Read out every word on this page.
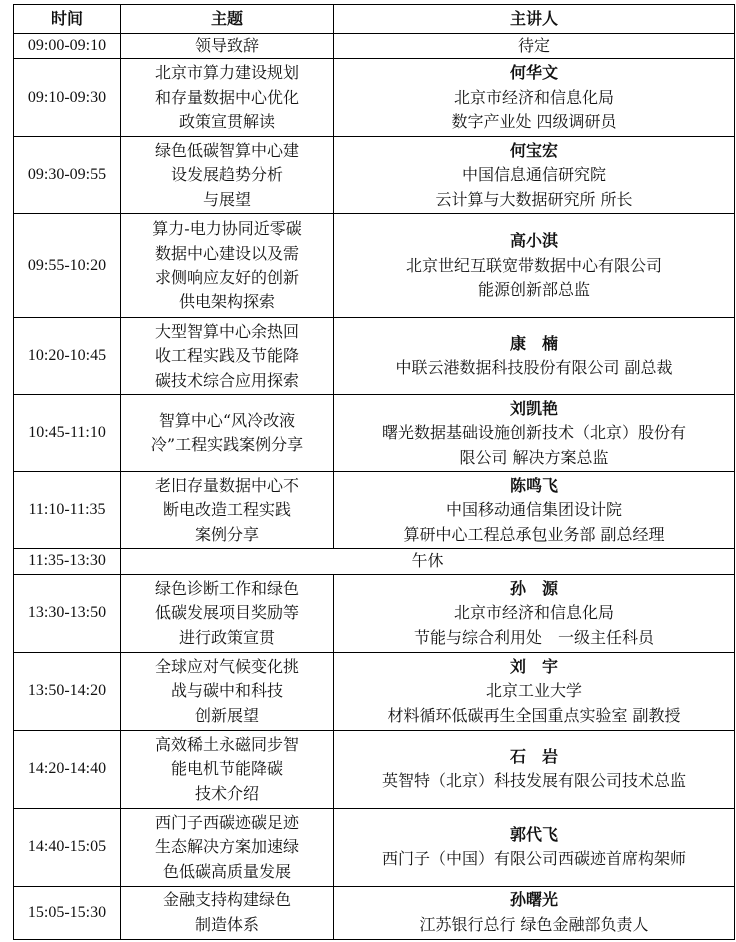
时间	主题	主讲人
09:00-09:10	领导致辞	待定

09:10-09:30	北京市算力建设规划
和存量数据中心优化
政策宣贯解读	何华文
北京市经济和信息化局
数字产业处 四级调研员

09:30-09:55	绿色低碳智算中心建
设发展趋势分析
与展望	何宝宏
中国信息通信研究院
云计算与大数据研究所 所长

09:55-10:20	算力-电力协同近零碳
数据中心建设以及需
求侧响应友好的创新
供电架构探索	高小淇
北京世纪互联宽带数据中心有限公司
能源创新部总监

10:20-10:45	大型智算中心余热回
收工程实践及节能降
碳技术综合应用探索	康　楠
中联云港数据科技股份有限公司 副总裁

10:45-11:10	智算中心“风冷改液
冷”工程实践案例分享	刘凯艳
曙光数据基础设施创新技术（北京）股份有
限公司 解决方案总监

11:10-11:35	老旧存量数据中心不
断电改造工程实践
案例分享	陈鸣飞
中国移动通信集团设计院
算研中心工程总承包业务部 副总经理

11:35-13:30	午休	
13:30-13:50	绿色诊断工作和绿色
低碳发展项目奖励等
进行政策宣贯	孙　源
北京市经济和信息化局
节能与综合利用处　一级主任科员

13:50-14:20	全球应对气候变化挑
战与碳中和科技
创新展望	刘　宇
北京工业大学
材料循环低碳再生全国重点实验室 副教授

14:20-14:40	高效稀土永磁同步智
能电机节能降碳
技术介绍	石　岩
英智特（北京）科技发展有限公司技术总监

14:40-15:05	西门子西碳迹碳足迹
生态解决方案加速绿
色低碳高质量发展	郭代飞
西门子（中国）有限公司西碳迹首席构架师

15:05-15:30	金融支持构建绿色
制造体系	孙曙光
江苏银行总行 绿色金融部负责人
